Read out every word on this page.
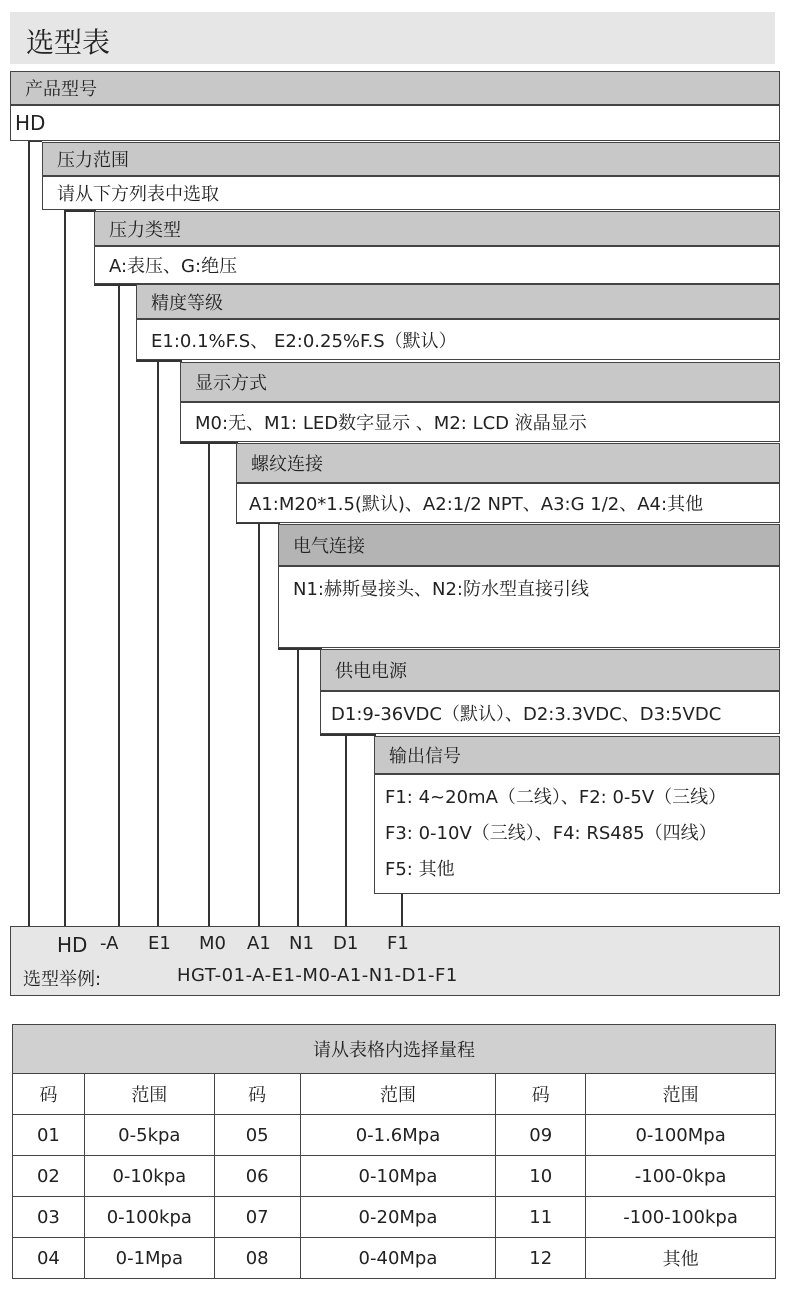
选型表
产品型号
HD
压力范围
请从下方列表中选取
压力类型
A:表压、G:绝压
精度等级
E1:0.1%F.S、 E2:0.25%F.S（默认）
显示方式
M0:无、M1: LED数字显示 、M2: LCD 液晶显示
螺纹连接
A1:M20*1.5(默认)、A2:1/2 NPT、A3:G 1/2、A4:其他
电气连接
N1:赫斯曼接头、N2:防水型直接引线
供电电源
D1:9-36VDC（默认）、D2:3.3VDC、D3:5VDC
输出信号
F1: 4~20mA（二线）、F2: 0-5V（三线）
F3: 0-10V（三线）、F4: RS485（四线）
F5: 其他
HD -A E1 M0 A1 N1 D1 F1
选型举例:	HGT-01-A-E1-M0-A1-N1-D1-F1
请从表格内选择量程					
码	范围	码	范围	码	范围
01	0-5kpa	05	0-1.6Mpa	09	0-100Mpa
02	0-10kpa	06	0-10Mpa	10	-100-0kpa
03	0-100kpa	07	0-20Mpa	11	-100-100kpa
04	0-1Mpa	08	0-40Mpa	12	其他
